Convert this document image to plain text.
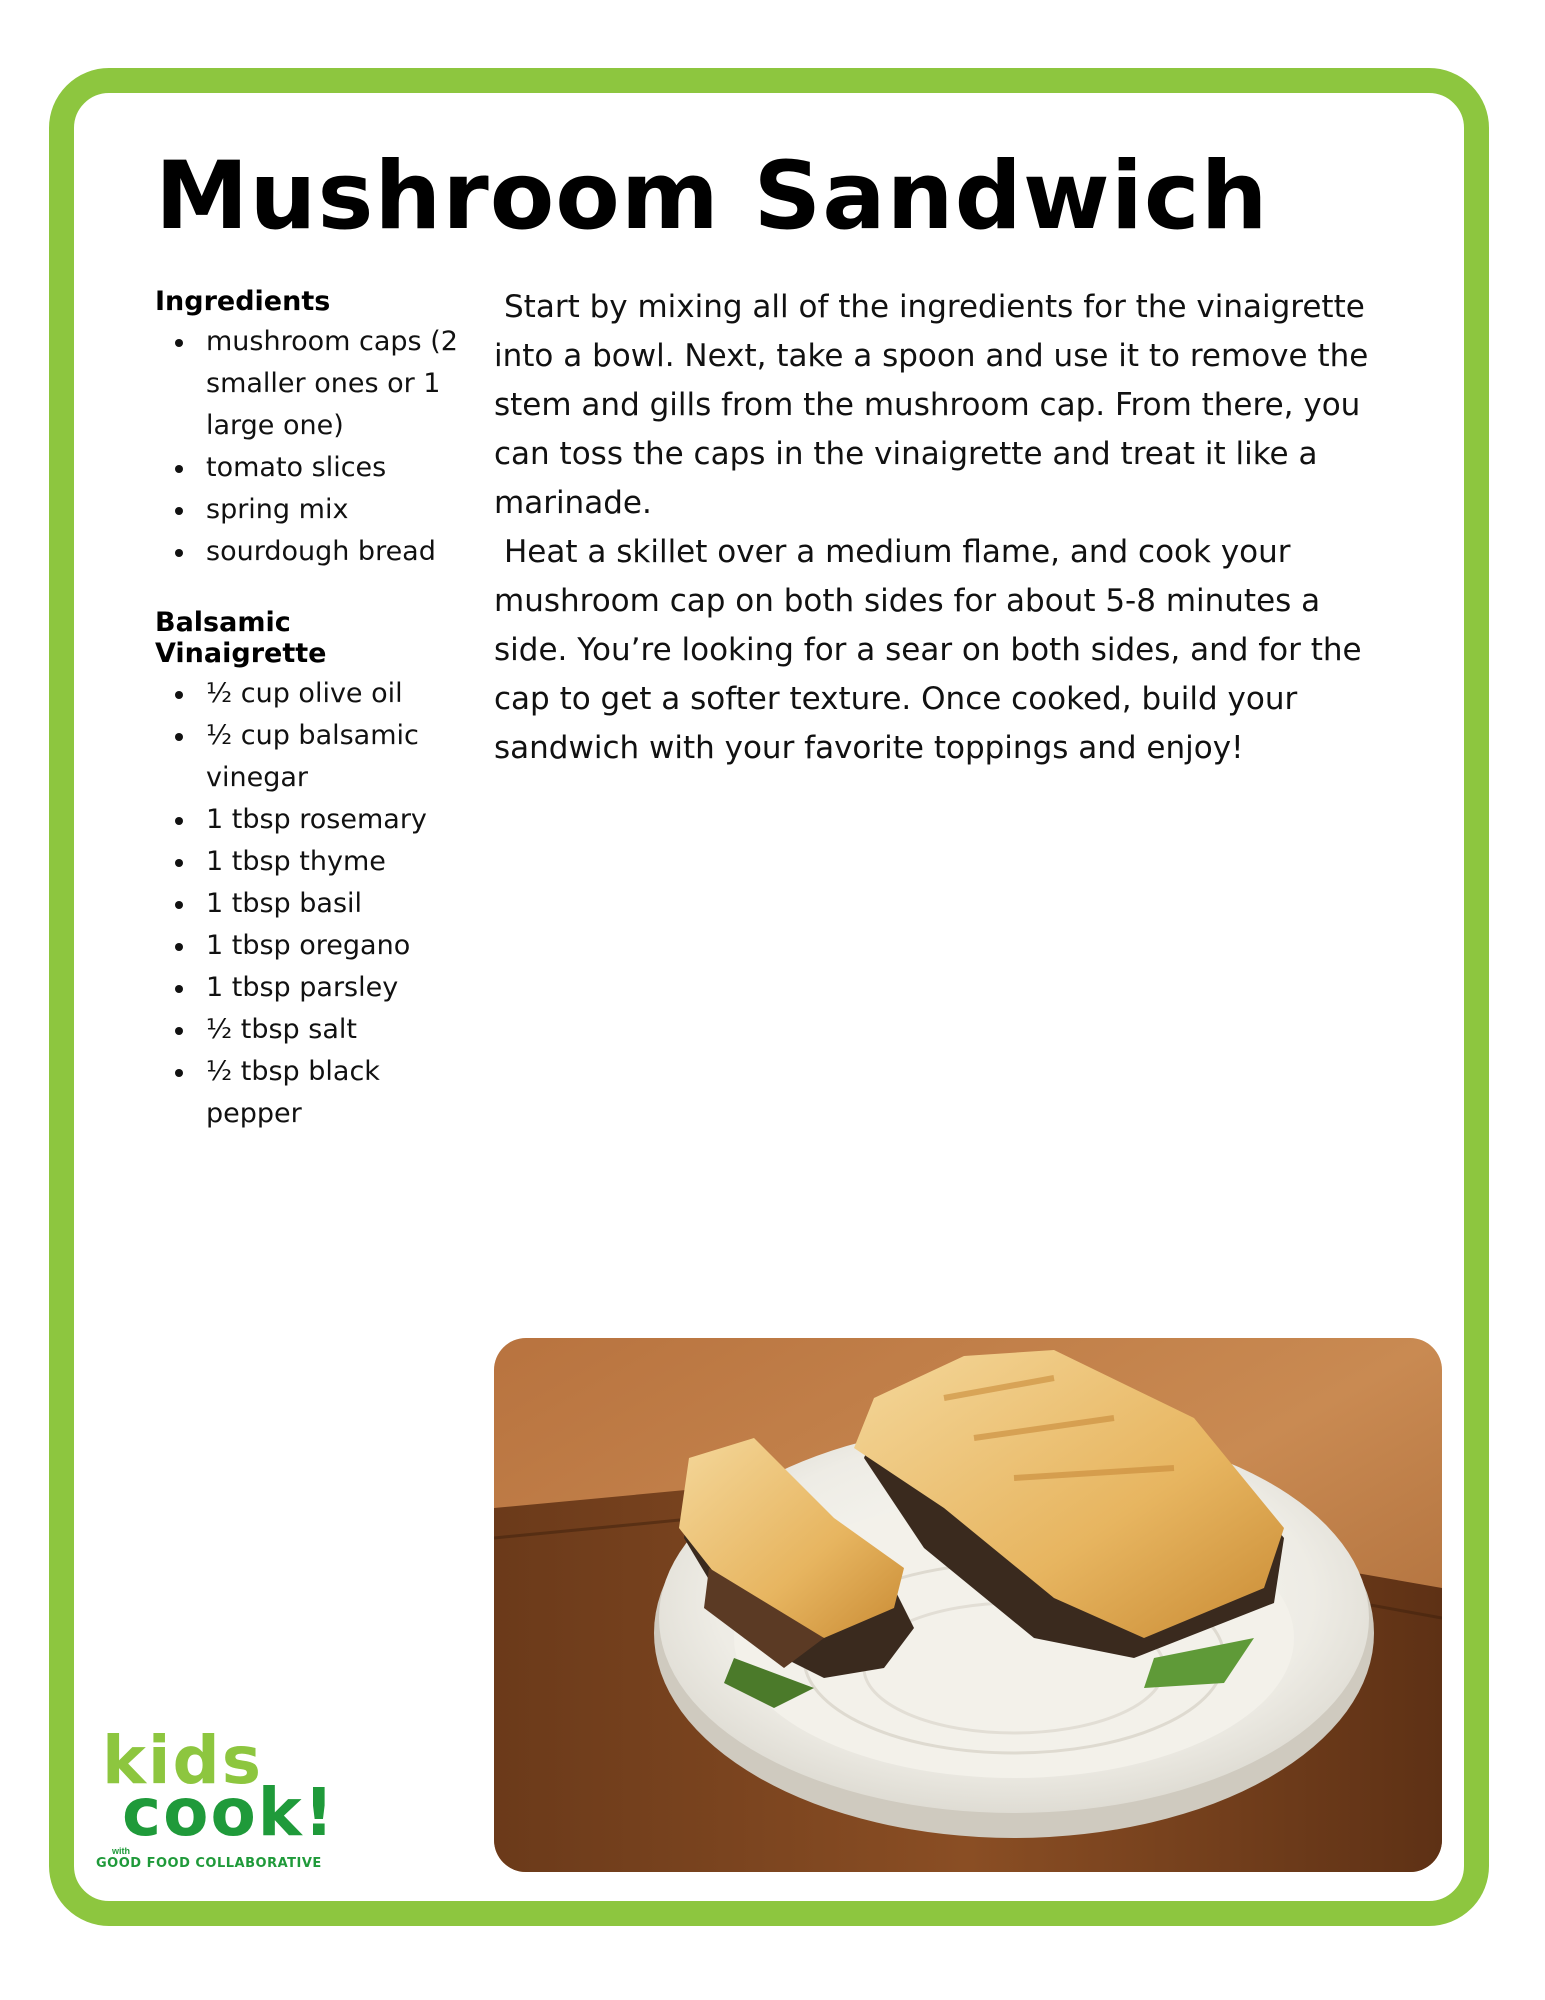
Mushroom Sandwich
Ingredients
mushroom caps (2 smaller ones or 1 large one)
tomato slices
spring mix
sourdough bread
Balsamic Vinaigrette
½ cup olive oil
½ cup balsamic vinegar
1 tbsp rosemary
1 tbsp thyme
1 tbsp basil
1 tbsp oregano
1 tbsp parsley
½ tbsp salt
½ tbsp black pepper

Start by mixing all of the ingredients for the vinaigrette into a bowl. Next, take a spoon and use it to remove the stem and gills from the mushroom cap. From there, you can toss the caps in the vinaigrette and treat it like a marinade.

Heat a skillet over a medium flame, and cook your mushroom cap on both sides for about 5-8 minutes a side. You’re looking for a sear on both sides, and for the cap to get a softer texture. Once cooked, build your sandwich with your favorite toppings and enjoy!

kids
cook!
with
GOOD FOOD COLLABORATIVE
